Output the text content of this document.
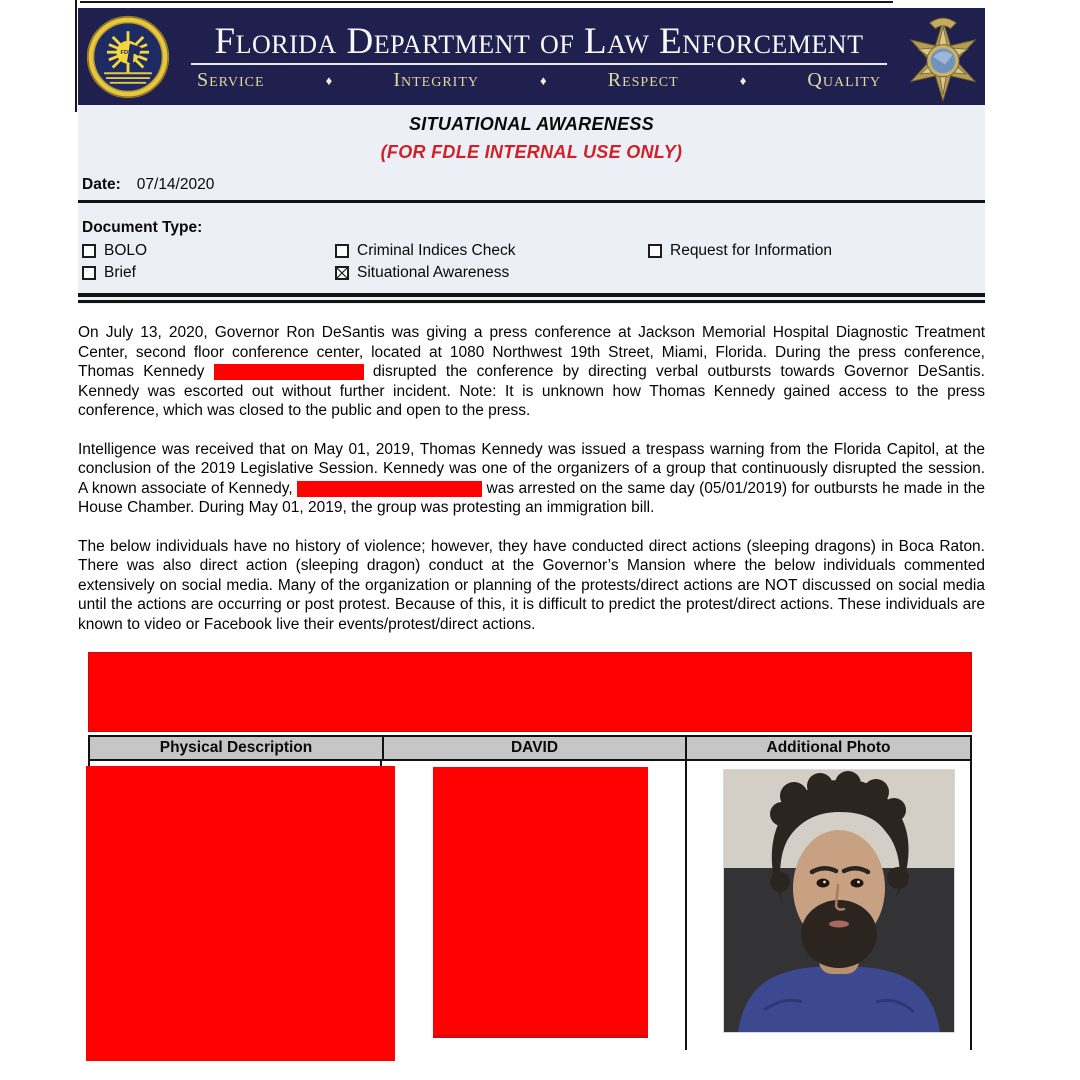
FDLE	Florida Department of Law Enforcement
Service	♦	Integrity	♦	Respect	♦	Quality
SITUATIONAL AWARENESS
(FOR FDLE INTERNAL USE ONLY)
Date: 07/14/2020
Document Type:
BOLO	Criminal Indices Check	Request for Information
Brief	Situational Awareness

On July 13, 2020, Governor Ron DeSantis was giving a press conference at Jackson Memorial Hospital Diagnostic Treatment Center, second floor conference center, located at 1080 Northwest 19th Street, Miami, Florida. During the press conference, Thomas Kennedy	disrupted the conference by directing verbal outbursts towards Governor DeSantis. Kennedy was escorted out without further incident. Note: It is unknown how Thomas Kennedy gained access to the press conference, which was closed to the public and open to the press.

Intelligence was received that on May 01, 2019, Thomas Kennedy was issued a trespass warning from the Florida Capitol, at the conclusion of the 2019 Legislative Session. Kennedy was one of the organizers of a group that continuously disrupted the session. A known associate of Kennedy,	was arrested on the same day (05/01/2019) for outbursts he made in the House Chamber. During May 01, 2019, the group was protesting an immigration bill.

The below individuals have no history of violence; however, they have conducted direct actions (sleeping dragons) in Boca Raton. There was also direct action (sleeping dragon) conduct at the Governor’s Mansion where the below individuals commented extensively on social media. Many of the organization or planning of the protests/direct actions are NOT discussed on social media until the actions are occurring or post protest. Because of this, it is difficult to predict the protest/direct actions. These individuals are known to video or Facebook live their events/protest/direct actions.

Physical Description	DAVID	Additional Photo
